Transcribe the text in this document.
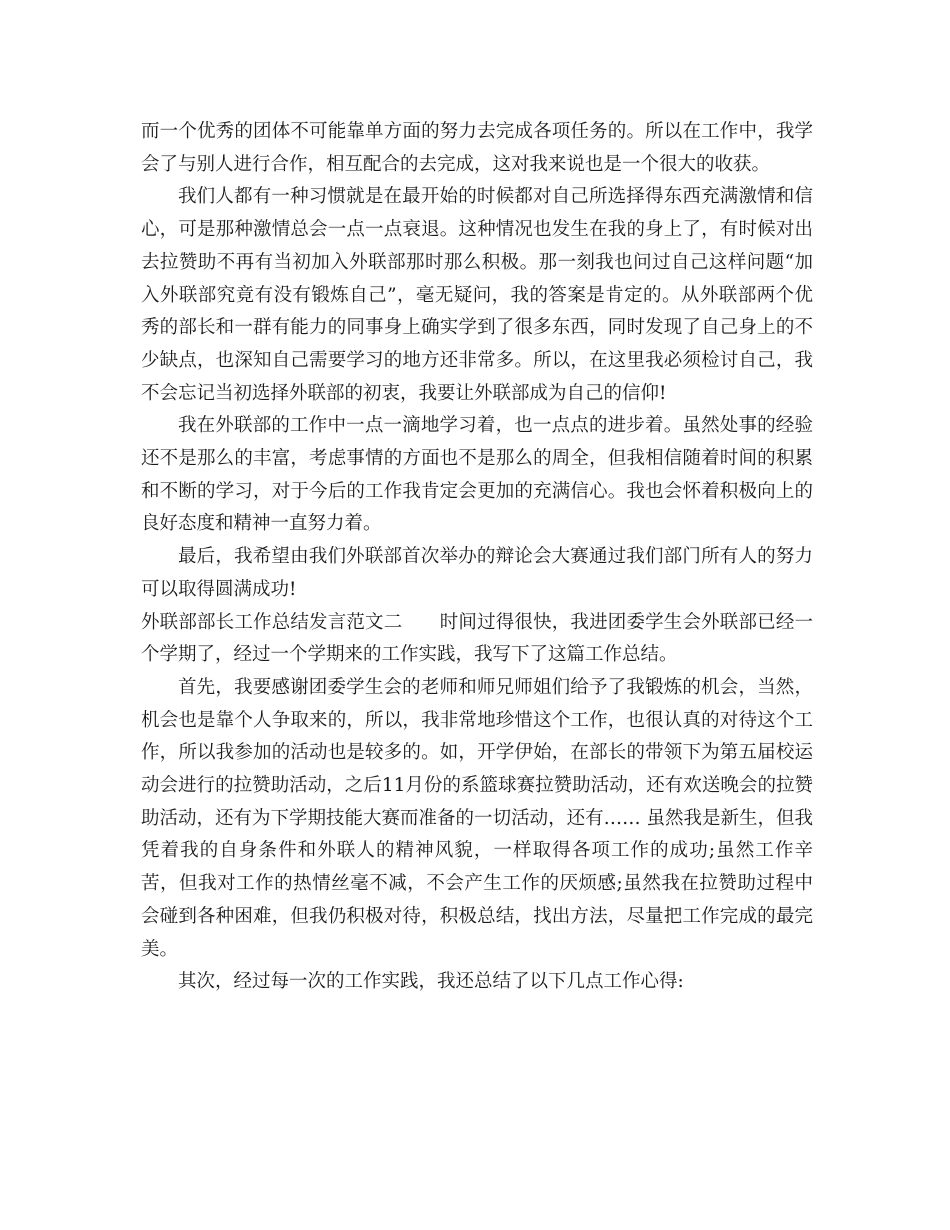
而一个优秀的团体不可能靠单方面的努力去完成各项任务的。所以在工作中，我学会了与别人进行合作，相互配合的去完成，这对我来说也是一个很大的收获。

我们人都有一种习惯就是在最开始的时候都对自己所选择得东西充满激情和信心，可是那种激情总会一点一点衰退。这种情况也发生在我的身上了，有时候对出去拉赞助不再有当初加入外联部那时那么积极。那一刻我也问过自己这样问题“加入外联部究竟有没有锻炼自己”，毫无疑问，我的答案是肯定的。从外联部两个优秀的部长和一群有能力的同事身上确实学到了很多东西，同时发现了自己身上的不少缺点，也深知自己需要学习的地方还非常多。所以，在这里我必须检讨自己，我不会忘记当初选择外联部的初衷，我要让外联部成为自己的信仰!

我在外联部的工作中一点一滴地学习着，也一点点的进步着。虽然处事的经验还不是那么的丰富，考虑事情的方面也不是那么的周全，但我相信随着时间的积累和不断的学习，对于今后的工作我肯定会更加的充满信心。我也会怀着积极向上的良好态度和精神一直努力着。

最后，我希望由我们外联部首次举办的辩论会大赛通过我们部门所有人的努力可以取得圆满成功!

外联部部长工作总结发言范文二　　时间过得很快，我进团委学生会外联部已经一个学期了，经过一个学期来的工作实践，我写下了这篇工作总结。

首先，我要感谢团委学生会的老师和师兄师姐们给予了我锻炼的机会，当然，机会也是靠个人争取来的，所以，我非常地珍惜这个工作，也很认真的对待这个工作，所以我参加的活动也是较多的。如，开学伊始，在部长的带领下为第五届校运动会进行的拉赞助活动，之后11月份的系篮球赛拉赞助活动，还有欢送晚会的拉赞助活动，还有为下学期技能大赛而准备的一切活动，还有…… 虽然我是新生，但我凭着我的自身条件和外联人的精神风貌，一样取得各项工作的成功;虽然工作辛苦，但我对工作的热情丝毫不减，不会产生工作的厌烦感;虽然我在拉赞助过程中会碰到各种困难，但我仍积极对待，积极总结，找出方法，尽量把工作完成的最完美。

其次，经过每一次的工作实践，我还总结了以下几点工作心得:
